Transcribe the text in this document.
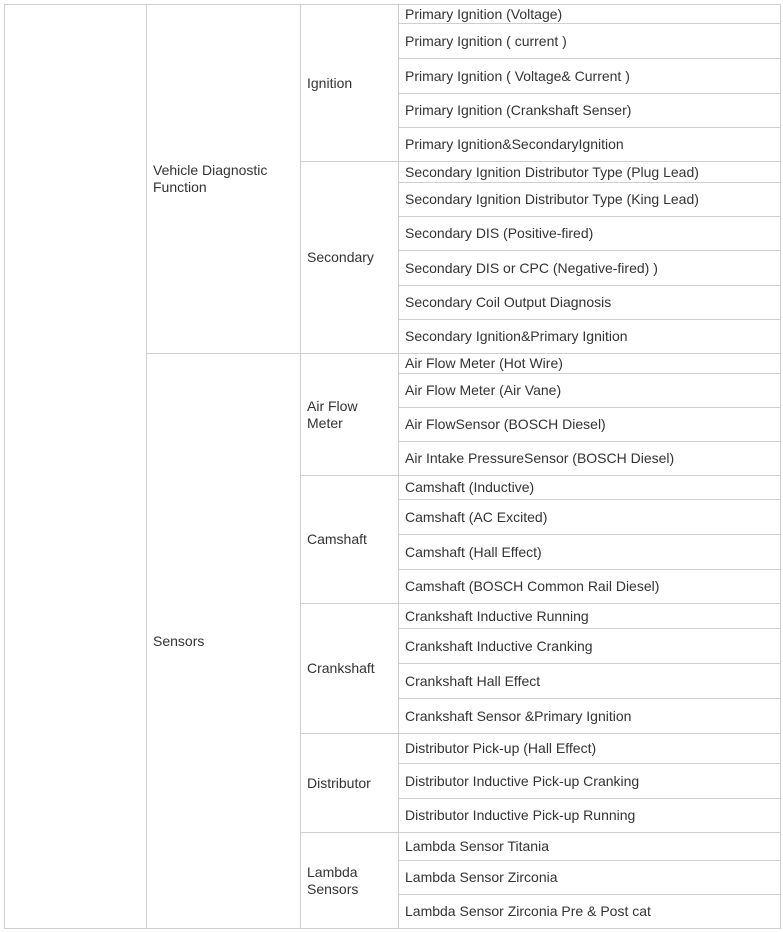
	Vehicle Diagnostic Function	Ignition	Primary Ignition (Voltage)
			Primary Ignition ( current )
			Primary Ignition ( Voltage& Current )
			Primary Ignition (Crankshaft Senser)
			Primary Ignition&SecondaryIgnition
		Secondary	Secondary Ignition Distributor Type (Plug Lead)
			Secondary Ignition Distributor Type (King Lead)
			Secondary DIS (Positive-fired)
			Secondary DIS or CPC (Negative-fired) )
			Secondary Coil Output Diagnosis
			Secondary Ignition&Primary Ignition
	Sensors	Air Flow Meter	Air Flow Meter (Hot Wire)
			Air Flow Meter (Air Vane)
			Air FlowSensor (BOSCH Diesel)
			Air Intake PressureSensor (BOSCH Diesel)
		Camshaft	Camshaft (Inductive)
			Camshaft (AC Excited)
			Camshaft (Hall Effect)
			Camshaft (BOSCH Common Rail Diesel)
		Crankshaft	Crankshaft Inductive Running
			Crankshaft Inductive Cranking
			Crankshaft Hall Effect
			Crankshaft Sensor &Primary Ignition
		Distributor	Distributor Pick-up (Hall Effect)
			Distributor Inductive Pick-up Cranking
			Distributor Inductive Pick-up Running
		Lambda Sensors	Lambda Sensor Titania
			Lambda Sensor Zirconia
			Lambda Sensor Zirconia Pre & Post cat
